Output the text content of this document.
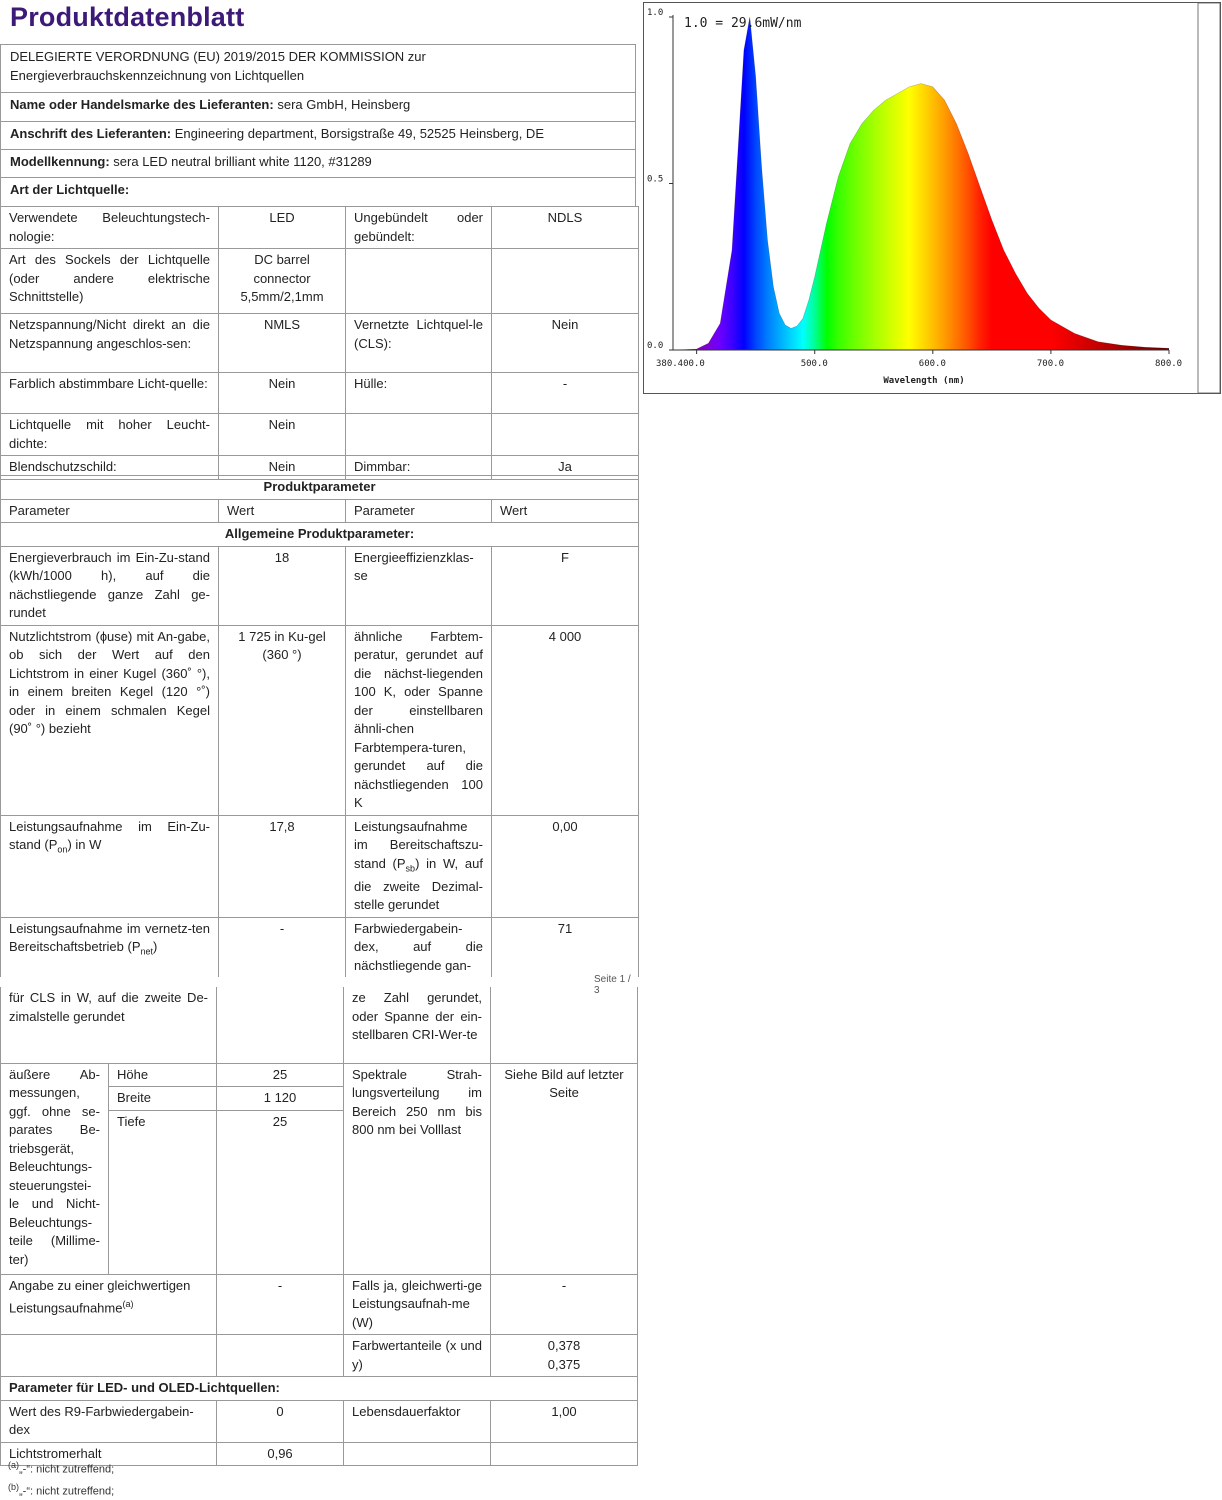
Produktdatenblatt
DELEGIERTE VERORDNUNG (EU) 2019/2015 DER KOMMISSION zur Energieverbrauchskennzeichnung von Lichtquellen
Name oder Handelsmarke des Lieferanten: sera GmbH, Heinsberg
Anschrift des Lieferanten: Engineering department, Borsigstraße 49, 52525 Heinsberg, DE
Modellkennung: sera LED neutral brilliant white 1120, #31289
Art der Lichtquelle:
Verwendete Beleuchtungstech-nologie:	LED	Ungebündelt oder gebündelt:	NDLS
Art des Sockels der Lichtquelle (oder andere elektrische Schnittstelle)	DC barrel connector 5,5mm/2,1mm		
Netzspannung/Nicht direkt an die Netzspannung angeschlos-sen:	NMLS	Vernetzte Lichtquel-le (CLS):	Nein
Farblich abstimmbare Licht-quelle:	Nein	Hülle:	-
Lichtquelle mit hoher Leucht-dichte:	Nein		
Blendschutzschild:	Nein	Dimmbar:	Ja
Produktparameter			
Parameter	Wert	Parameter	Wert
Allgemeine Produktparameter:			
Energieverbrauch im Ein-Zu-stand (kWh/1000 h), auf die nächstliegende ganze Zahl ge-rundet	18	Energieeffizienzklas-se	F
Nutzlichtstrom (ɸuse) mit An-gabe, ob sich der Wert auf den Lichtstrom in einer Kugel (360˚ °), in einem breiten Kegel (120 °˚) oder in einem schmalen Kegel (90˚ °) bezieht	1 725 in Ku-gel (360 °)	ähnliche Farbtem-peratur, gerundet auf die nächst-liegenden 100 K, oder Spanne der einstellbaren ähnli-chen Farbtempera-turen, gerundet auf die nächstliegenden 100 K	4 000
Leistungsaufnahme im Ein-Zu-stand $(P_{on})$ in W	17,8	Leistungsaufnahme im Bereitschaftszu-stand $(P_{sb})$ in W, auf die zweite Dezimal-stelle gerundet	0,00
Leistungsaufnahme im vernetz-ten Bereitschaftsbetrieb $(P_{net})$	-	Farbwiedergabein-dex, auf die nächstliegende gan-	71
Seite 1 / 3
für CLS in W, auf die zweite De-zimalstelle gerundet			ze Zahl gerundet, oder Spanne der ein-stellbaren CRI-Wer-te	
äußere Ab-messungen, ggf. ohne se-parates Be-triebsgerät, Beleuchtungs-steuerungstei-le und Nicht-Beleuchtungs-teile (Millime-ter)	Höhe	25	Spektrale Strah-lungsverteilung im Bereich 250 nm bis 800 nm bei Volllast	Siehe Bild auf letzter Seite
	Breite	1 120		
	Tiefe	25		
Angabe zu einer gleichwertigen Leistungsaufnahme$^{(a)}$		-	Falls ja, gleichwerti-ge Leistungsaufnah-me (W)	-
			Farbwertanteile (x und y)	0,378
0,375

Parameter für LED- und OLED-Lichtquellen:				
Wert des R9-Farbwiedergabein-dex		0	Lebensdauerfaktor	1,00
Lichtstromerhalt		0,96		
$^{(a)}$„-“: nicht zutreffend;
$^{(b)}$„-“: nicht zutreffend;
0.0
0.5
1.0
380.400.0	500.0	600.0	700.0	800.0
Wavelength (nm)
1.0 = 29.6mW/nm
